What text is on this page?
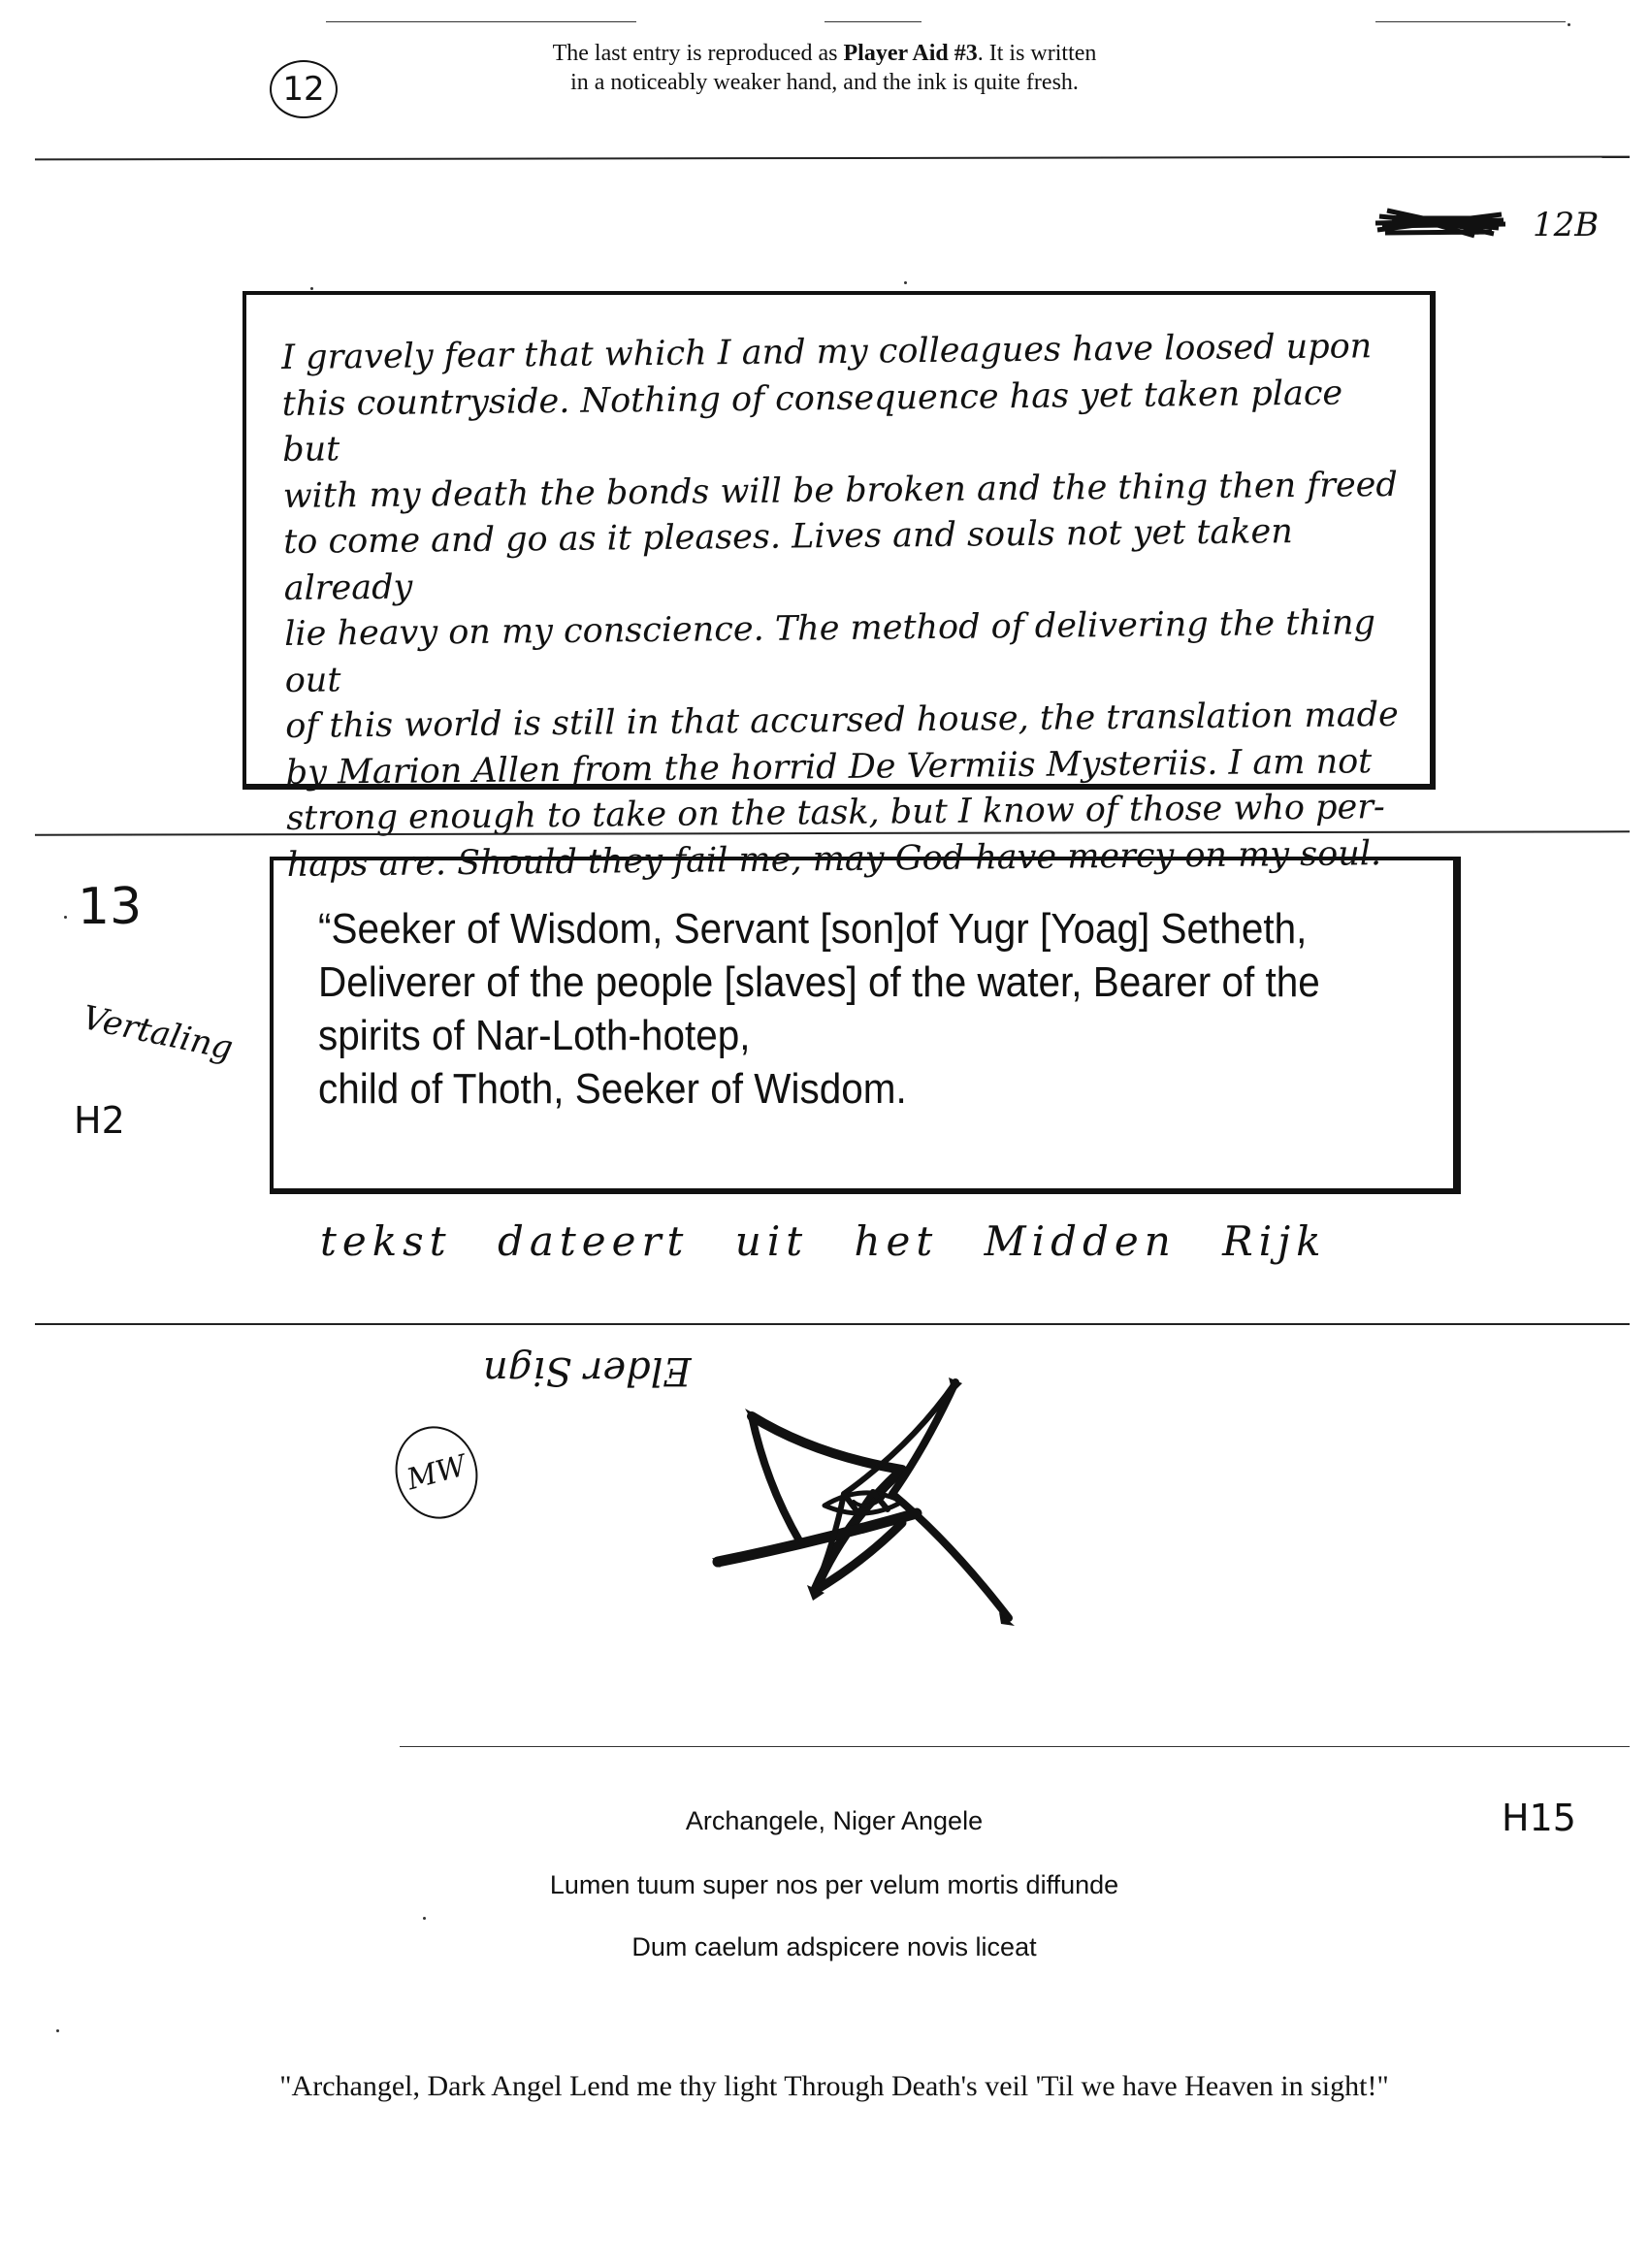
12
The last entry is reproduced as Player Aid #3. It is written
in a noticeably weaker hand, and the ink is quite fresh.
12B
I gravely fear that which I and my colleagues have loosed upon
this countryside. Nothing of consequence has yet taken place but
with my death the bonds will be broken and the thing then freed
to come and go as it pleases. Lives and souls not yet taken already
lie heavy on my conscience. The method of delivering the thing out
of this world is still in that accursed house, the translation made
by Marion Allen from the horrid De Vermiis Mysteriis. I am not
strong enough to take on the task, but I know of those who per-
haps are. Should they fail me, may God have mercy on my soul.
13
Vertaling
H2
“Seeker of Wisdom, Servant [son]of Yugr [Yoag] Setheth,
Deliverer of the people [slaves] of the water, Bearer of the
spirits of Nar-Loth-hotep,
child of Thoth, Seeker of Wisdom.
tekst dateert uit het Midden Rijk
Elder Sign
MW
H15
Archangele, Niger Angele
Lumen tuum super nos per velum mortis diffunde
Dum caelum adspicere novis liceat
"Archangel, Dark Angel Lend me thy light Through Death's veil 'Til we have Heaven in sight!"
